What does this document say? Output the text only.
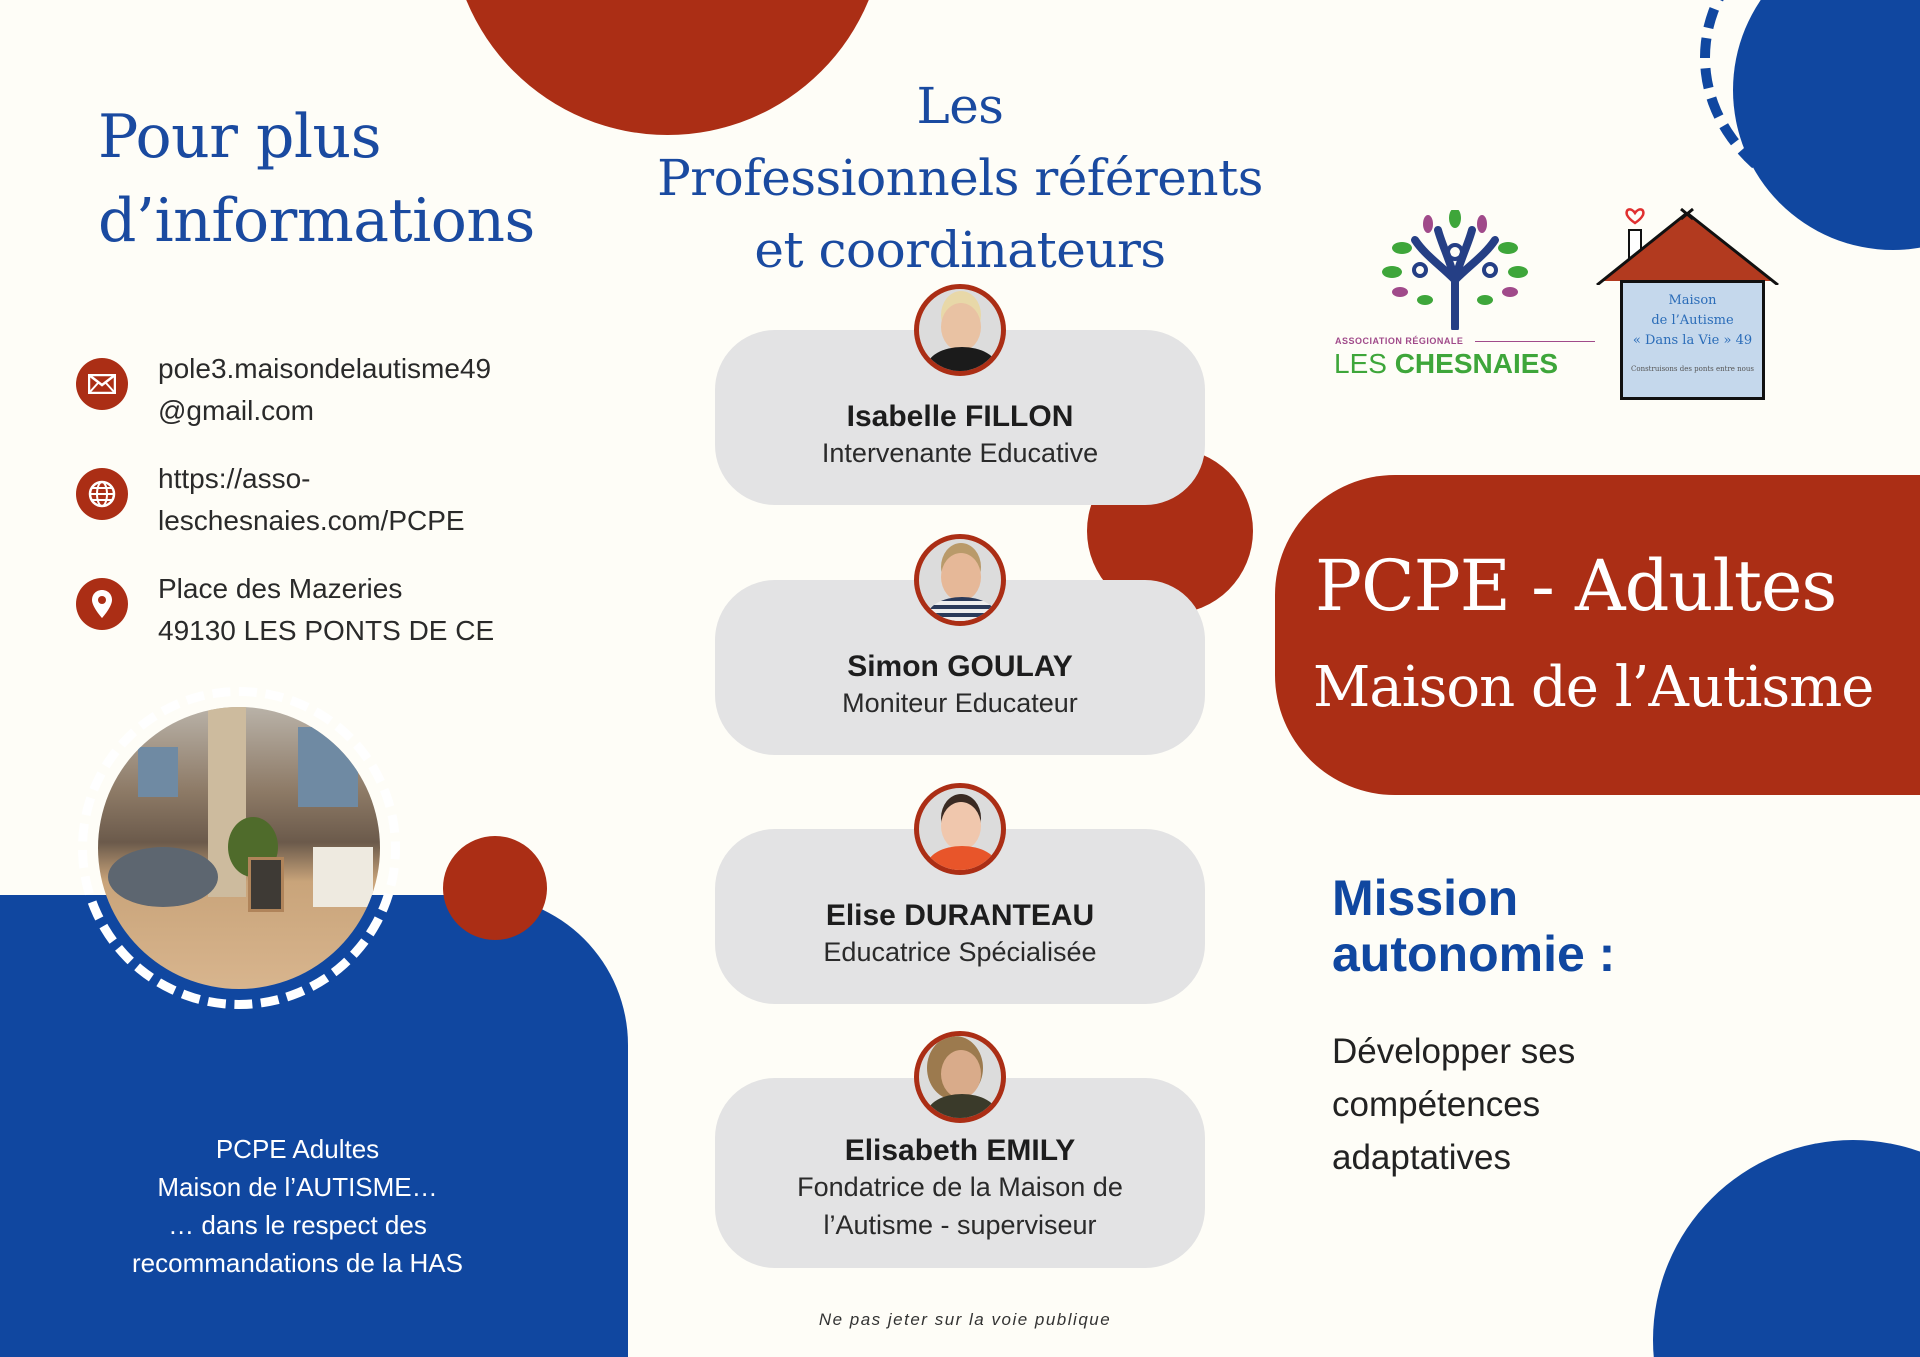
Pour plus
d’informations
pole3.maisondelautisme49
@gmail.com
https://asso-
leschesnaies.com/PCPE
Place des Mazeries
49130 LES PONTS DE CE
PCPE Adultes
Maison de l’AUTISME…
… dans le respect des
recommandations de la HAS
Les
Professionnels référents
et coordinateurs
Isabelle FILLON
Intervenante Educative
Simon GOULAY
Moniteur Educateur
Elise DURANTEAU
Educatrice Spécialisée
Elisabeth EMILY
Fondatrice de la Maison de
l’Autisme - superviseur
Ne pas jeter sur la voie publique
ASSOCIATION RÉGIONALE
LES CHESNAIES
Maison
de l’Autisme
« Dans la Vie » 49
Construisons des ponts entre nous
PCPE - Adultes
Maison de l’Autisme
Mission
autonomie :
Développer ses
compétences
adaptatives
